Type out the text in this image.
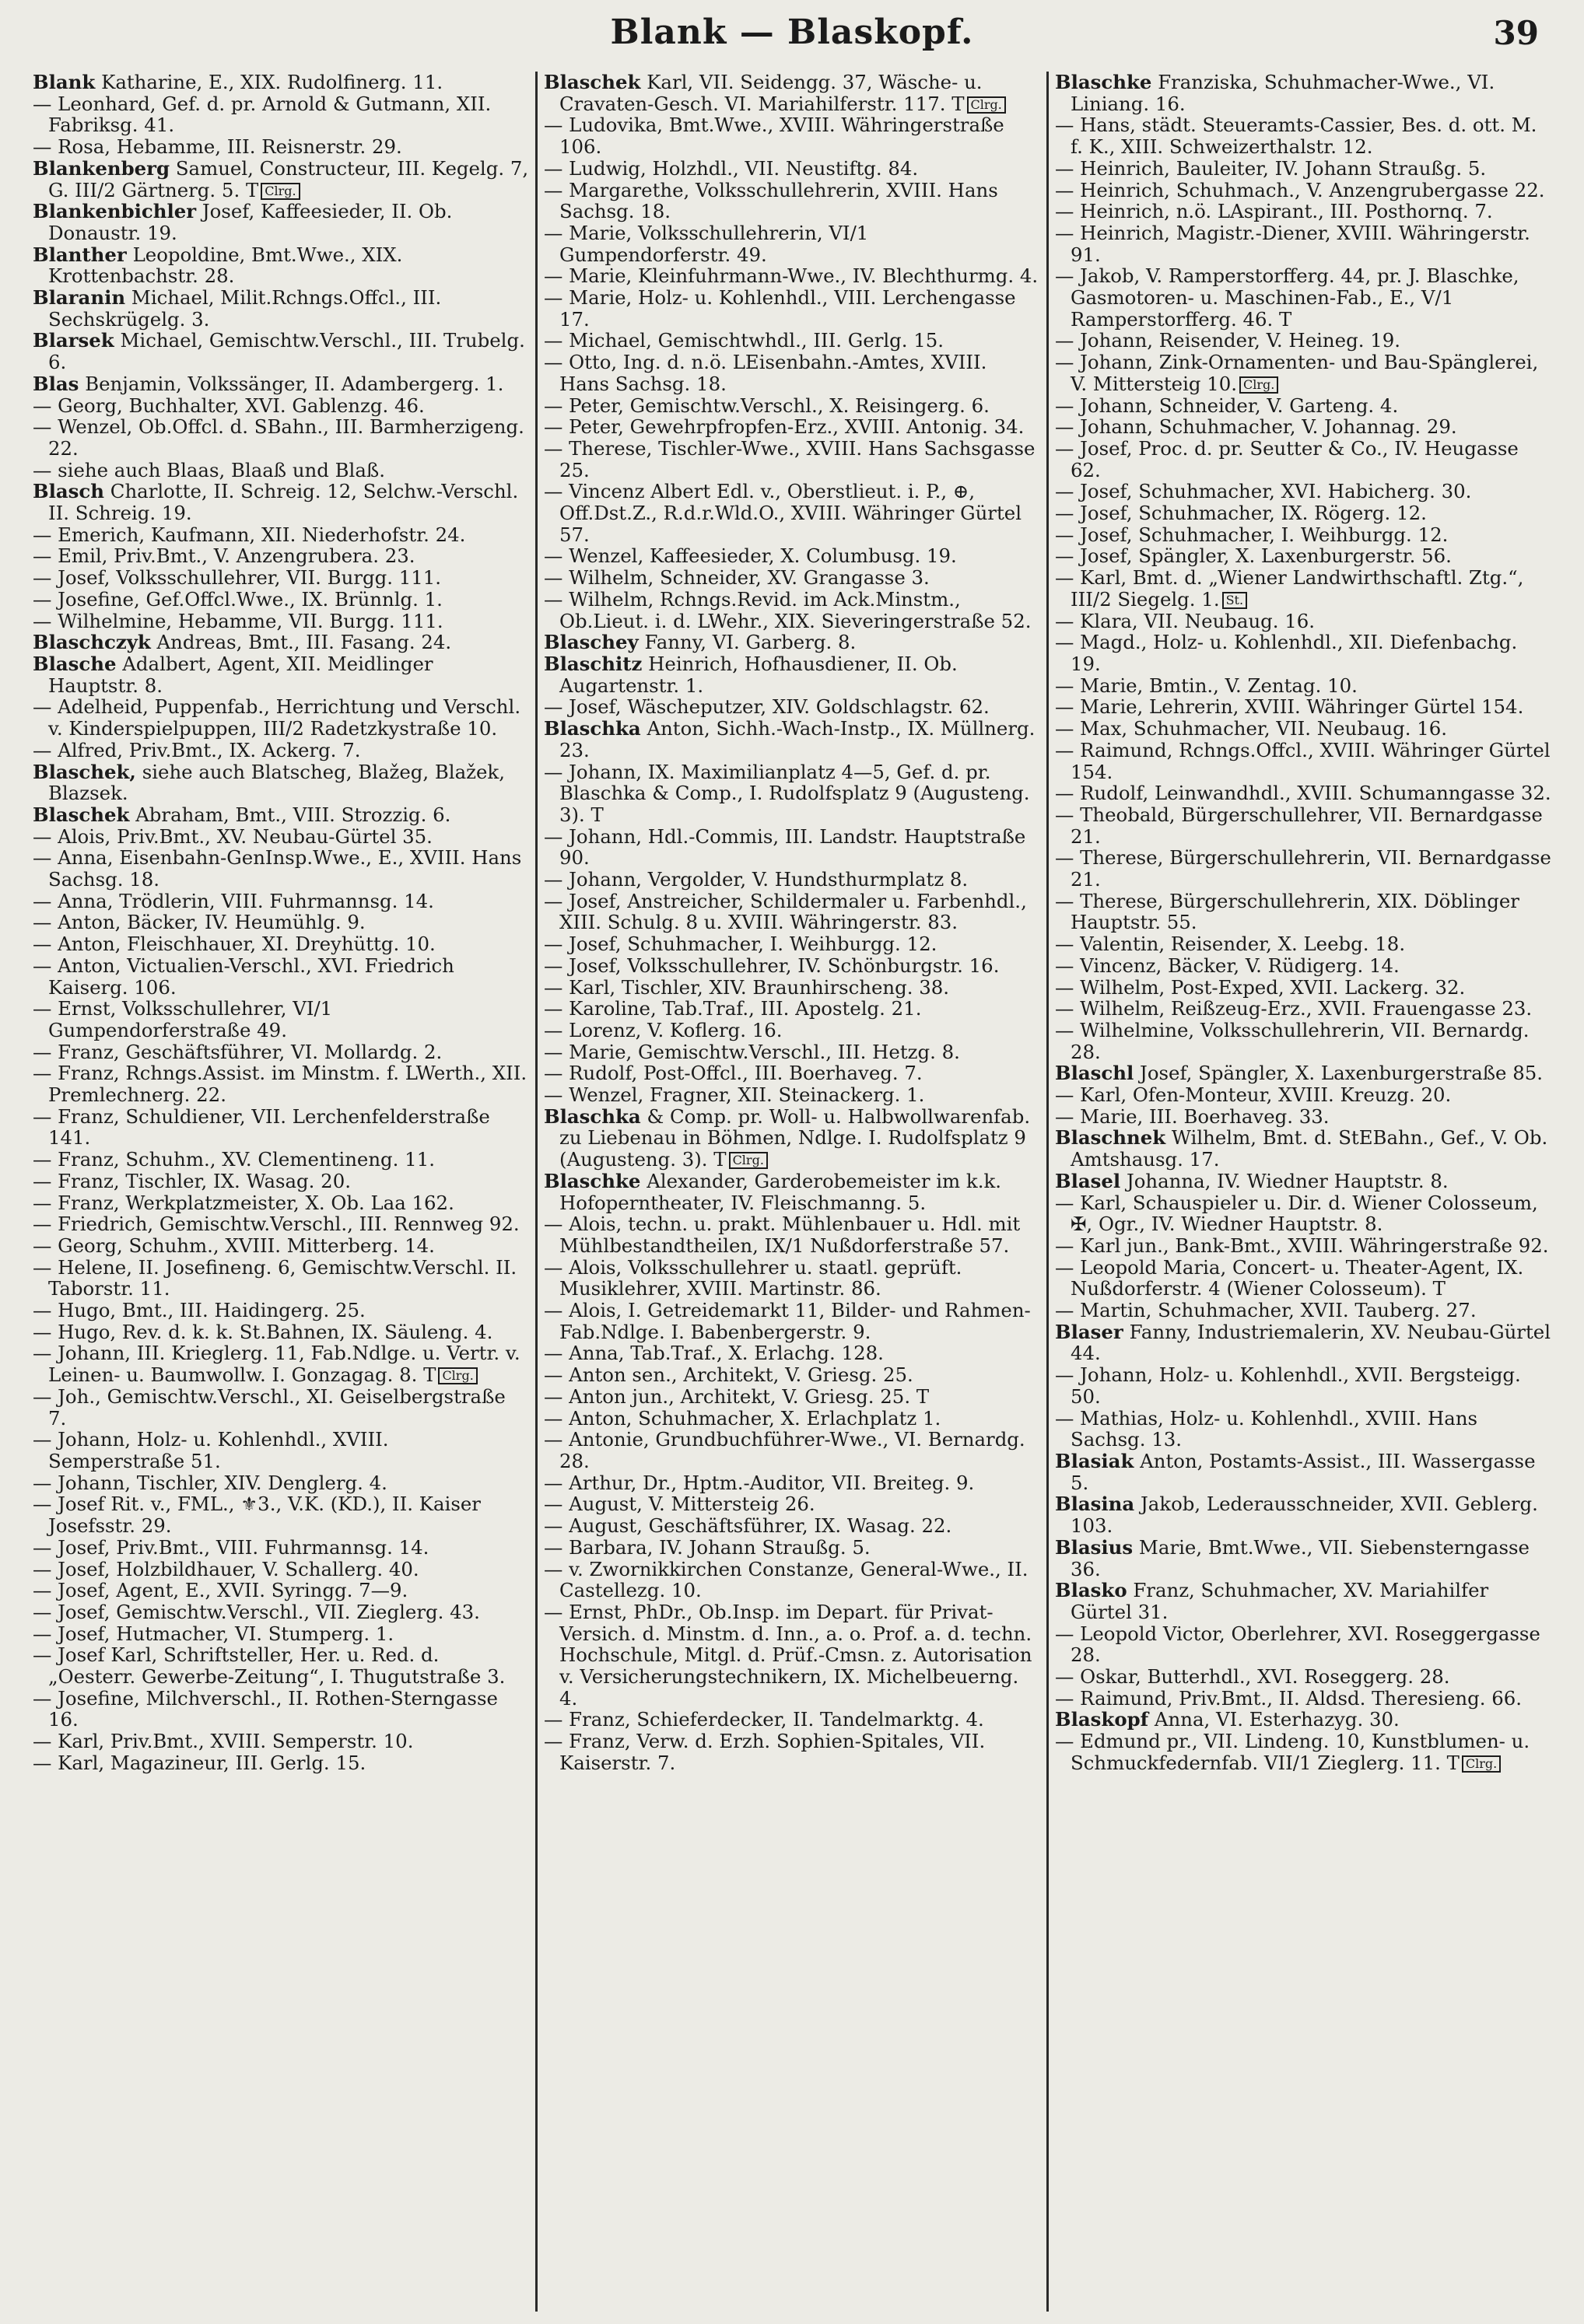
Blank — Blaskopf.	39

Blank Katharine, E., XIX. Rudolfinerg. 11.

— Leonhard, Gef. d. pr. Arnold & Gutmann, XII. Fabriksg. 41.

— Rosa, Hebamme, III. Reisnerstr. 29.

Blankenberg Samuel, Constructeur, III. Kegelg. 7, G. III/2 Gärtnerg. 5. T Clrg.

Blankenbichler Josef, Kaffeesieder, II. Ob. Donaustr. 19.

Blanther Leopoldine, Bmt.Wwe., XIX. Krottenbachstr. 28.

Blaranin Michael, Milit.Rchngs.Offcl., III. Sechskrügelg. 3.

Blarsek Michael, Gemischtw.Verschl., III. Trubelg. 6.

Blas Benjamin, Volkssänger, II. Adambergerg. 1.

— Georg, Buchhalter, XVI. Gablenzg. 46.

— Wenzel, Ob.Offcl. d. SBahn., III. Barmherzigeng. 22.

— siehe auch Blaas, Blaaß und Blaß.

Blasch Charlotte, II. Schreig. 12, Selchw.-Verschl. II. Schreig. 19.

— Emerich, Kaufmann, XII. Niederhofstr. 24.

— Emil, Priv.Bmt., V. Anzengrubera. 23.

— Josef, Volksschullehrer, VII. Burgg. 111.

— Josefine, Gef.Offcl.Wwe., IX. Brünnlg. 1.

— Wilhelmine, Hebamme, VII. Burgg. 111.

Blaschczyk Andreas, Bmt., III. Fasang. 24.

Blasche Adalbert, Agent, XII. Meidlinger Hauptstr. 8.

— Adelheid, Puppenfab., Herrichtung und Verschl. v. Kinderspielpuppen, III/2 Radetzkystraße 10.

— Alfred, Priv.Bmt., IX. Ackerg. 7.

Blaschek, siehe auch Blatscheg, Blažeg, Blažek, Blazsek.

Blaschek Abraham, Bmt., VIII. Strozzig. 6.

— Alois, Priv.Bmt., XV. Neubau-Gürtel 35.

— Anna, Eisenbahn-GenInsp.Wwe., E., XVIII. Hans Sachsg. 18.

— Anna, Trödlerin, VIII. Fuhrmannsg. 14.

— Anton, Bäcker, IV. Heumühlg. 9.

— Anton, Fleischhauer, XI. Dreyhüttg. 10.

— Anton, Victualien-Verschl., XVI. Friedrich Kaiserg. 106.

— Ernst, Volksschullehrer, VI/1 Gumpendorferstraße 49.

— Franz, Geschäftsführer, VI. Mollardg. 2.

— Franz, Rchngs.Assist. im Minstm. f. LWerth., XII. Premlechnerg. 22.

— Franz, Schuldiener, VII. Lerchenfelderstraße 141.

— Franz, Schuhm., XV. Clementineng. 11.

— Franz, Tischler, IX. Wasag. 20.

— Franz, Werkplatzmeister, X. Ob. Laa 162.

— Friedrich, Gemischtw.Verschl., III. Rennweg 92.

— Georg, Schuhm., XVIII. Mitterberg. 14.

— Helene, II. Josefineng. 6, Gemischtw.Verschl. II. Taborstr. 11.

— Hugo, Bmt., III. Haidingerg. 25.

— Hugo, Rev. d. k. k. St.Bahnen, IX. Säuleng. 4.

— Johann, III. Krieglerg. 11, Fab.Ndlge. u. Vertr. v. Leinen- u. Baumwollw. I. Gonzagag. 8. T Clrg.

— Joh., Gemischtw.Verschl., XI. Geiselbergstraße 7.

— Johann, Holz- u. Kohlenhdl., XVIII. Semperstraße 51.

— Johann, Tischler, XIV. Denglerg. 4.

— Josef Rit. v., FML., ⚜3., V.K. (KD.), II. Kaiser Josefsstr. 29.

— Josef, Priv.Bmt., VIII. Fuhrmannsg. 14.

— Josef, Holzbildhauer, V. Schallerg. 40.

— Josef, Agent, E., XVII. Syringg. 7—9.

— Josef, Gemischtw.Verschl., VII. Zieglerg. 43.

— Josef, Hutmacher, VI. Stumperg. 1.

— Josef Karl, Schriftsteller, Her. u. Red. d. „Oesterr. Gewerbe-Zeitung“, I. Thugutstraße 3.

— Josefine, Milchverschl., II. Rothen-Sterngasse 16.

— Karl, Priv.Bmt., XVIII. Semperstr. 10.

— Karl, Magazineur, III. Gerlg. 15.

Blaschek Karl, VII. Seidengg. 37, Wäsche- u. Cravaten-Gesch. VI. Mariahilferstr. 117. T Clrg.

— Ludovika, Bmt.Wwe., XVIII. Währingerstraße 106.

— Ludwig, Holzhdl., VII. Neustiftg. 84.

— Margarethe, Volksschullehrerin, XVIII. Hans Sachsg. 18.

— Marie, Volksschullehrerin, VI/1 Gumpendorferstr. 49.

— Marie, Kleinfuhrmann-Wwe., IV. Blechthurmg. 4.

— Marie, Holz- u. Kohlenhdl., VIII. Lerchengasse 17.

— Michael, Gemischtwhdl., III. Gerlg. 15.

— Otto, Ing. d. n.ö. LEisenbahn.-Amtes, XVIII. Hans Sachsg. 18.

— Peter, Gemischtw.Verschl., X. Reisingerg. 6.

— Peter, Gewehrpfropfen-Erz., XVIII. Antonig. 34.

— Therese, Tischler-Wwe., XVIII. Hans Sachsgasse 25.

— Vincenz Albert Edl. v., Oberstlieut. i. P., ⊕, Off.Dst.Z., R.d.r.Wld.O., XVIII. Währinger Gürtel 57.

— Wenzel, Kaffeesieder, X. Columbusg. 19.

— Wilhelm, Schneider, XV. Grangasse 3.

— Wilhelm, Rchngs.Revid. im Ack.Minstm., Ob.Lieut. i. d. LWehr., XIX. Sieveringerstraße 52.

Blaschey Fanny, VI. Garberg. 8.

Blaschitz Heinrich, Hofhausdiener, II. Ob. Augartenstr. 1.

— Josef, Wäscheputzer, XIV. Goldschlagstr. 62.

Blaschka Anton, Sichh.-Wach-Instp., IX. Müllnerg. 23.

— Johann, IX. Maximilianplatz 4—5, Gef. d. pr. Blaschka & Comp., I. Rudolfsplatz 9 (Augusteng. 3). T

— Johann, Hdl.-Commis, III. Landstr. Hauptstraße 90.

— Johann, Vergolder, V. Hundsthurmplatz 8.

— Josef, Anstreicher, Schildermaler u. Farbenhdl., XIII. Schulg. 8 u. XVIII. Währingerstr. 83.

— Josef, Schuhmacher, I. Weihburgg. 12.

— Josef, Volksschullehrer, IV. Schönburgstr. 16.

— Karl, Tischler, XIV. Braunhirscheng. 38.

— Karoline, Tab.Traf., III. Apostelg. 21.

— Lorenz, V. Koflerg. 16.

— Marie, Gemischtw.Verschl., III. Hetzg. 8.

— Rudolf, Post-Offcl., III. Boerhaveg. 7.

— Wenzel, Fragner, XII. Steinackerg. 1.

Blaschka & Comp. pr. Woll- u. Halbwollwarenfab. zu Liebenau in Böhmen, Ndlge. I. Rudolfsplatz 9 (Augusteng. 3). T Clrg.

Blaschke Alexander, Garderobemeister im k.k. Hofoperntheater, IV. Fleischmanng. 5.

— Alois, techn. u. prakt. Mühlenbauer u. Hdl. mit Mühlbestandtheilen, IX/1 Nußdorferstraße 57.

— Alois, Volksschullehrer u. staatl. geprüft. Musiklehrer, XVIII. Martinstr. 86.

— Alois, I. Getreidemarkt 11, Bilder- und Rahmen-Fab.Ndlge. I. Babenbergerstr. 9.

— Anna, Tab.Traf., X. Erlachg. 128.

— Anton sen., Architekt, V. Griesg. 25.

— Anton jun., Architekt, V. Griesg. 25. T

— Anton, Schuhmacher, X. Erlachplatz 1.

— Antonie, Grundbuchführer-Wwe., VI. Bernardg. 28.

— Arthur, Dr., Hptm.-Auditor, VII. Breiteg. 9.

— August, V. Mittersteig 26.

— August, Geschäftsführer, IX. Wasag. 22.

— Barbara, IV. Johann Straußg. 5.

— v. Zwornikkirchen Constanze, General-Wwe., II. Castellezg. 10.

— Ernst, PhDr., Ob.Insp. im Depart. für Privat-Versich. d. Minstm. d. Inn., a. o. Prof. a. d. techn. Hochschule, Mitgl. d. Prüf.-Cmsn. z. Autorisation v. Versicherungstechnikern, IX. Michelbeuerng. 4.

— Franz, Schieferdecker, II. Tandelmarktg. 4.

— Franz, Verw. d. Erzh. Sophien-Spitales, VII. Kaiserstr. 7.

Blaschke Franziska, Schuhmacher-Wwe., VI. Liniang. 16.

— Hans, städt. Steueramts-Cassier, Bes. d. ott. M. f. K., XIII. Schweizerthalstr. 12.

— Heinrich, Bauleiter, IV. Johann Straußg. 5.

— Heinrich, Schuhmach., V. Anzengrubergasse 22.

— Heinrich, n.ö. LAspirant., III. Posthornq. 7.

— Heinrich, Magistr.-Diener, XVIII. Währingerstr. 91.

— Jakob, V. Ramperstorfferg. 44, pr. J. Blaschke, Gasmotoren- u. Maschinen-Fab., E., V/1 Ramperstorfferg. 46. T

— Johann, Reisender, V. Heineg. 19.

— Johann, Zink-Ornamenten- und Bau-Spänglerei, V. Mittersteig 10. Clrg.

— Johann, Schneider, V. Garteng. 4.

— Johann, Schuhmacher, V. Johannag. 29.

— Josef, Proc. d. pr. Seutter & Co., IV. Heugasse 62.

— Josef, Schuhmacher, XVI. Habicherg. 30.

— Josef, Schuhmacher, IX. Rögerg. 12.

— Josef, Schuhmacher, I. Weihburgg. 12.

— Josef, Spängler, X. Laxenburgerstr. 56.

— Karl, Bmt. d. „Wiener Landwirthschaftl. Ztg.“, III/2 Siegelg. 1. St.

— Klara, VII. Neubaug. 16.

— Magd., Holz- u. Kohlenhdl., XII. Diefenbachg. 19.

— Marie, Bmtin., V. Zentag. 10.

— Marie, Lehrerin, XVIII. Währinger Gürtel 154.

— Max, Schuhmacher, VII. Neubaug. 16.

— Raimund, Rchngs.Offcl., XVIII. Währinger Gürtel 154.

— Rudolf, Leinwandhdl., XVIII. Schumanngasse 32.

— Theobald, Bürgerschullehrer, VII. Bernardgasse 21.

— Therese, Bürgerschullehrerin, VII. Bernardgasse 21.

— Therese, Bürgerschullehrerin, XIX. Döblinger Hauptstr. 55.

— Valentin, Reisender, X. Leebg. 18.

— Vincenz, Bäcker, V. Rüdigerg. 14.

— Wilhelm, Post-Exped, XVII. Lackerg. 32.

— Wilhelm, Reißzeug-Erz., XVII. Frauengasse 23.

— Wilhelmine, Volksschullehrerin, VII. Bernardg. 28.

Blaschl Josef, Spängler, X. Laxenburgerstraße 85.

— Karl, Ofen-Monteur, XVIII. Kreuzg. 20.

— Marie, III. Boerhaveg. 33.

Blaschnek Wilhelm, Bmt. d. StEBahn., Gef., V. Ob. Amtshausg. 17.

Blasel Johanna, IV. Wiedner Hauptstr. 8.

— Karl, Schauspieler u. Dir. d. Wiener Colosseum, ✠, Ogr., IV. Wiedner Hauptstr. 8.

— Karl jun., Bank-Bmt., XVIII. Währingerstraße 92.

— Leopold Maria, Concert- u. Theater-Agent, IX. Nußdorferstr. 4 (Wiener Colosseum). T

— Martin, Schuhmacher, XVII. Tauberg. 27.

Blaser Fanny, Industriemalerin, XV. Neubau-Gürtel 44.

— Johann, Holz- u. Kohlenhdl., XVII. Bergsteigg. 50.

— Mathias, Holz- u. Kohlenhdl., XVIII. Hans Sachsg. 13.

Blasiak Anton, Postamts-Assist., III. Wassergasse 5.

Blasina Jakob, Lederausschneider, XVII. Geblerg. 103.

Blasius Marie, Bmt.Wwe., VII. Siebensterngasse 36.

Blasko Franz, Schuhmacher, XV. Mariahilfer Gürtel 31.

— Leopold Victor, Oberlehrer, XVI. Roseggergasse 28.

— Oskar, Butterhdl., XVI. Roseggerg. 28.

— Raimund, Priv.Bmt., II. Aldsd. Theresieng. 66.

Blaskopf Anna, VI. Esterhazyg. 30.

— Edmund pr., VII. Lindeng. 10, Kunstblumen- u. Schmuckfedernfab. VII/1 Zieglerg. 11. T Clrg.
